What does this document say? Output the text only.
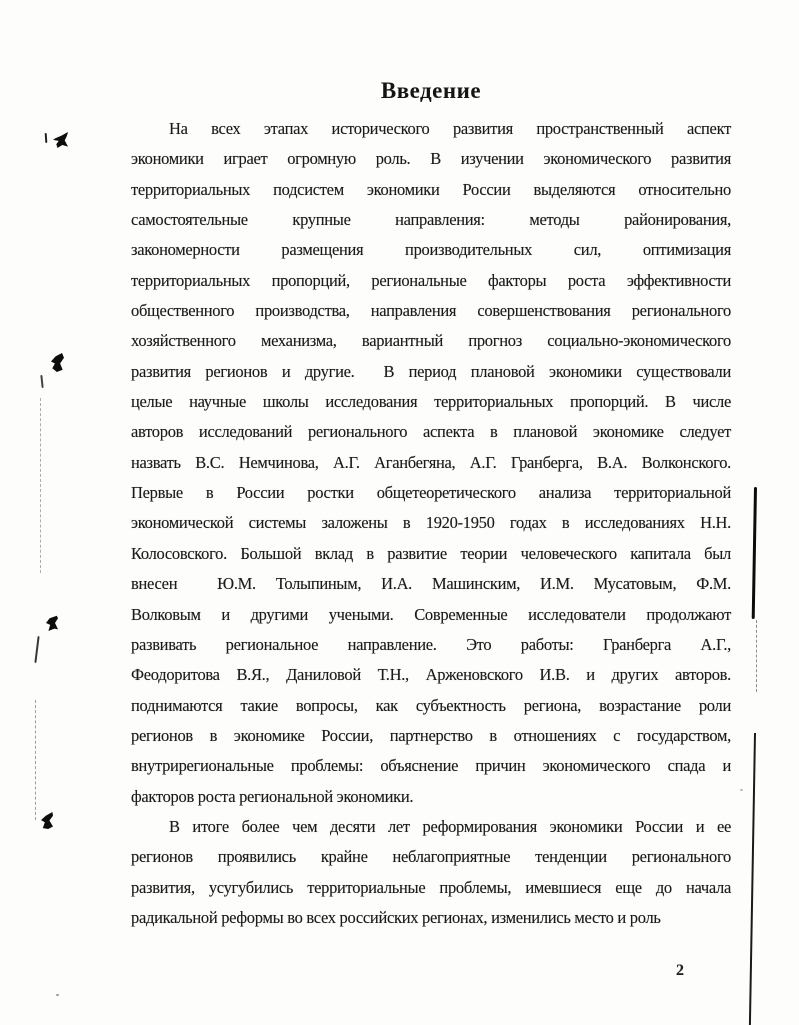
Введение
На всех этапах исторического развития пространственный аспект
экономики играет огромную роль. В изучении экономического развития
территориальных подсистем экономики России выделяются относительно
самостоятельные крупные направления: методы районирования,
закономерности размещения производительных сил, оптимизация
территориальных пропорций, региональные факторы роста эффективности
общественного производства, направления совершенствования регионального
хозяйственного механизма, вариантный прогноз социально-экономического
развития регионов и другие.  В период плановой экономики существовали
целые научные школы исследования территориальных пропорций. В числе
авторов исследований регионального аспекта в плановой экономике следует
назвать В.С. Немчинова, А.Г. Аганбегяна, А.Г. Гранберга, В.А. Волконского.
Первые в России ростки общетеоретического анализа территориальной
экономической системы заложены в 1920-1950 годах в исследованиях Н.Н.
Колосовского. Большой вклад в развитие теории человеческого капитала был
внесен  Ю.М. Толыпиным, И.А. Машинским, И.М. Мусатовым, Ф.М.
Волковым и другими учеными. Современные исследователи продолжают
развивать региональное направление. Это работы: Гранберга А.Г.,
Феодоритова В.Я., Даниловой Т.Н., Арженовского И.В. и других авторов.
поднимаются такие вопросы, как субъектность региона, возрастание роли
регионов в экономике России, партнерство в отношениях с государством,
внутрирегиональные проблемы: объяснение причин экономического спада и
факторов роста региональной экономики.
В итоге более чем десяти лет реформирования экономики России и ее
регионов проявились крайне неблагоприятные тенденции регионального
развития, усугубились территориальные проблемы, имевшиеся еще до начала
радикальной реформы во всех российских регионах, изменились место и роль
2
